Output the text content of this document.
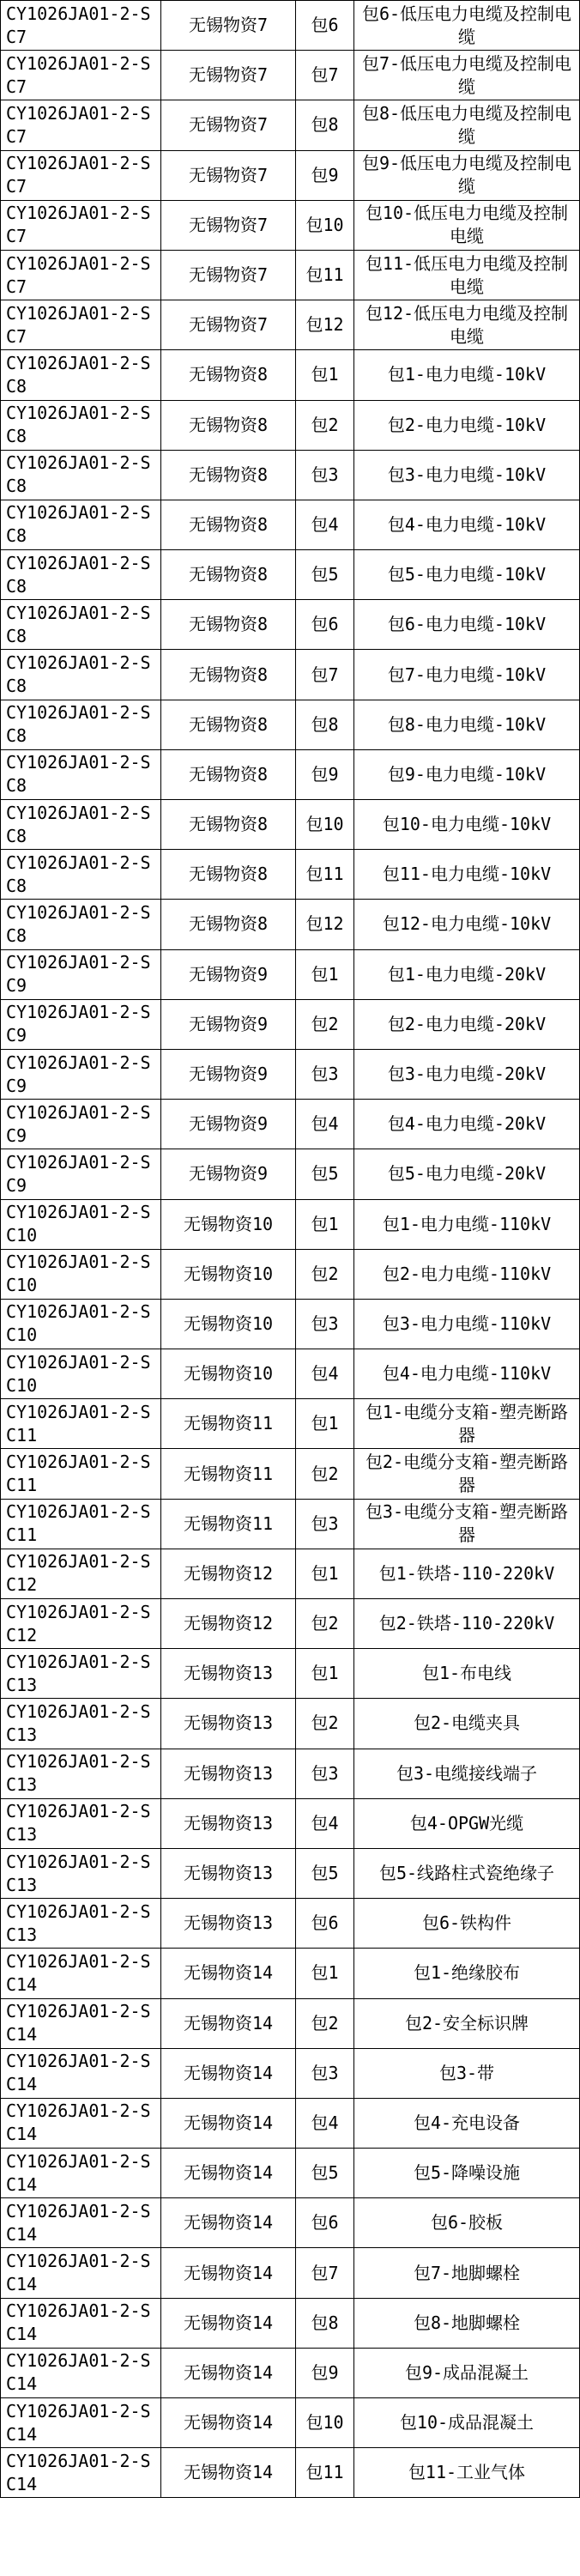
CY1026JA01-2-SC7	无锡物资7	包6	包6-低压电力电缆及控制电缆
CY1026JA01-2-SC7	无锡物资7	包7	包7-低压电力电缆及控制电缆
CY1026JA01-2-SC7	无锡物资7	包8	包8-低压电力电缆及控制电缆
CY1026JA01-2-SC7	无锡物资7	包9	包9-低压电力电缆及控制电缆
CY1026JA01-2-SC7	无锡物资7	包10	包10-低压电力电缆及控制电缆
CY1026JA01-2-SC7	无锡物资7	包11	包11-低压电力电缆及控制电缆
CY1026JA01-2-SC7	无锡物资7	包12	包12-低压电力电缆及控制电缆
CY1026JA01-2-SC8	无锡物资8	包1	包1-电力电缆-10kV
CY1026JA01-2-SC8	无锡物资8	包2	包2-电力电缆-10kV
CY1026JA01-2-SC8	无锡物资8	包3	包3-电力电缆-10kV
CY1026JA01-2-SC8	无锡物资8	包4	包4-电力电缆-10kV
CY1026JA01-2-SC8	无锡物资8	包5	包5-电力电缆-10kV
CY1026JA01-2-SC8	无锡物资8	包6	包6-电力电缆-10kV
CY1026JA01-2-SC8	无锡物资8	包7	包7-电力电缆-10kV
CY1026JA01-2-SC8	无锡物资8	包8	包8-电力电缆-10kV
CY1026JA01-2-SC8	无锡物资8	包9	包9-电力电缆-10kV
CY1026JA01-2-SC8	无锡物资8	包10	包10-电力电缆-10kV
CY1026JA01-2-SC8	无锡物资8	包11	包11-电力电缆-10kV
CY1026JA01-2-SC8	无锡物资8	包12	包12-电力电缆-10kV
CY1026JA01-2-SC9	无锡物资9	包1	包1-电力电缆-20kV
CY1026JA01-2-SC9	无锡物资9	包2	包2-电力电缆-20kV
CY1026JA01-2-SC9	无锡物资9	包3	包3-电力电缆-20kV
CY1026JA01-2-SC9	无锡物资9	包4	包4-电力电缆-20kV
CY1026JA01-2-SC9	无锡物资9	包5	包5-电力电缆-20kV
CY1026JA01-2-SC10	无锡物资10	包1	包1-电力电缆-110kV
CY1026JA01-2-SC10	无锡物资10	包2	包2-电力电缆-110kV
CY1026JA01-2-SC10	无锡物资10	包3	包3-电力电缆-110kV
CY1026JA01-2-SC10	无锡物资10	包4	包4-电力电缆-110kV
CY1026JA01-2-SC11	无锡物资11	包1	包1-电缆分支箱-塑壳断路器
CY1026JA01-2-SC11	无锡物资11	包2	包2-电缆分支箱-塑壳断路器
CY1026JA01-2-SC11	无锡物资11	包3	包3-电缆分支箱-塑壳断路器
CY1026JA01-2-SC12	无锡物资12	包1	包1-铁塔-110-220kV
CY1026JA01-2-SC12	无锡物资12	包2	包2-铁塔-110-220kV
CY1026JA01-2-SC13	无锡物资13	包1	包1-布电线
CY1026JA01-2-SC13	无锡物资13	包2	包2-电缆夹具
CY1026JA01-2-SC13	无锡物资13	包3	包3-电缆接线端子
CY1026JA01-2-SC13	无锡物资13	包4	包4-OPGW光缆
CY1026JA01-2-SC13	无锡物资13	包5	包5-线路柱式瓷绝缘子
CY1026JA01-2-SC13	无锡物资13	包6	包6-铁构件
CY1026JA01-2-SC14	无锡物资14	包1	包1-绝缘胶布
CY1026JA01-2-SC14	无锡物资14	包2	包2-安全标识牌
CY1026JA01-2-SC14	无锡物资14	包3	包3-带
CY1026JA01-2-SC14	无锡物资14	包4	包4-充电设备
CY1026JA01-2-SC14	无锡物资14	包5	包5-降噪设施
CY1026JA01-2-SC14	无锡物资14	包6	包6-胶板
CY1026JA01-2-SC14	无锡物资14	包7	包7-地脚螺栓
CY1026JA01-2-SC14	无锡物资14	包8	包8-地脚螺栓
CY1026JA01-2-SC14	无锡物资14	包9	包9-成品混凝土
CY1026JA01-2-SC14	无锡物资14	包10	包10-成品混凝土
CY1026JA01-2-SC14	无锡物资14	包11	包11-工业气体
